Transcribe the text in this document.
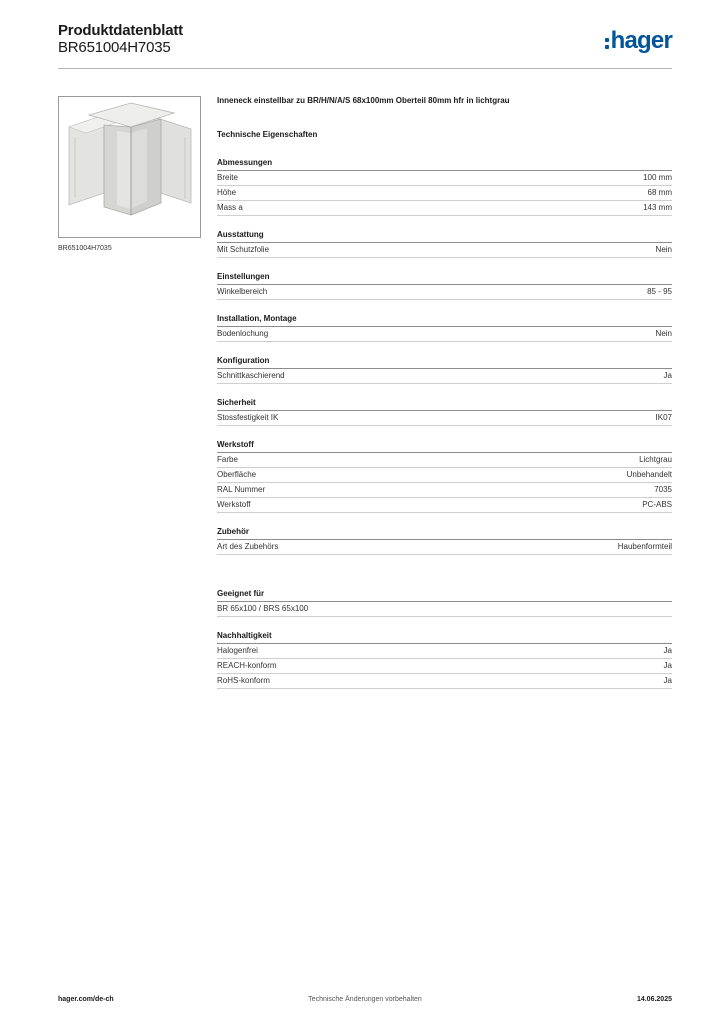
Produktdatenblatt
BR651004H7035	hager
BR651004H7035

Inneneck einstellbar zu BR/H/N/A/S 68x100mm Oberteil 80mm hfr in lichtgrau

Technische Eigenschaften

Abmessungen
Breite	100 mm
Höhe	68 mm
Mass a	143 mm
Ausstattung
Mit Schutzfolie	Nein
Einstellungen
Winkelbereich	85 - 95
Installation, Montage
Bodenlochung	Nein
Konfiguration
Schnittkaschierend	Ja
Sicherheit
Stossfestigkeit IK	IK07
Werkstoff
Farbe	Lichtgrau
Oberfläche	Unbehandelt
RAL Nummer	7035
Werkstoff	PC-ABS
Zubehör
Art des Zubehörs	Haubenformteil
Geeignet für
BR 65x100 / BRS 65x100
Nachhaltigkeit
Halogenfrei	Ja
REACH-konform	Ja
RoHS-konform	Ja
hager.com/de-ch	Technische Änderungen vorbehalten	14.06.2025
